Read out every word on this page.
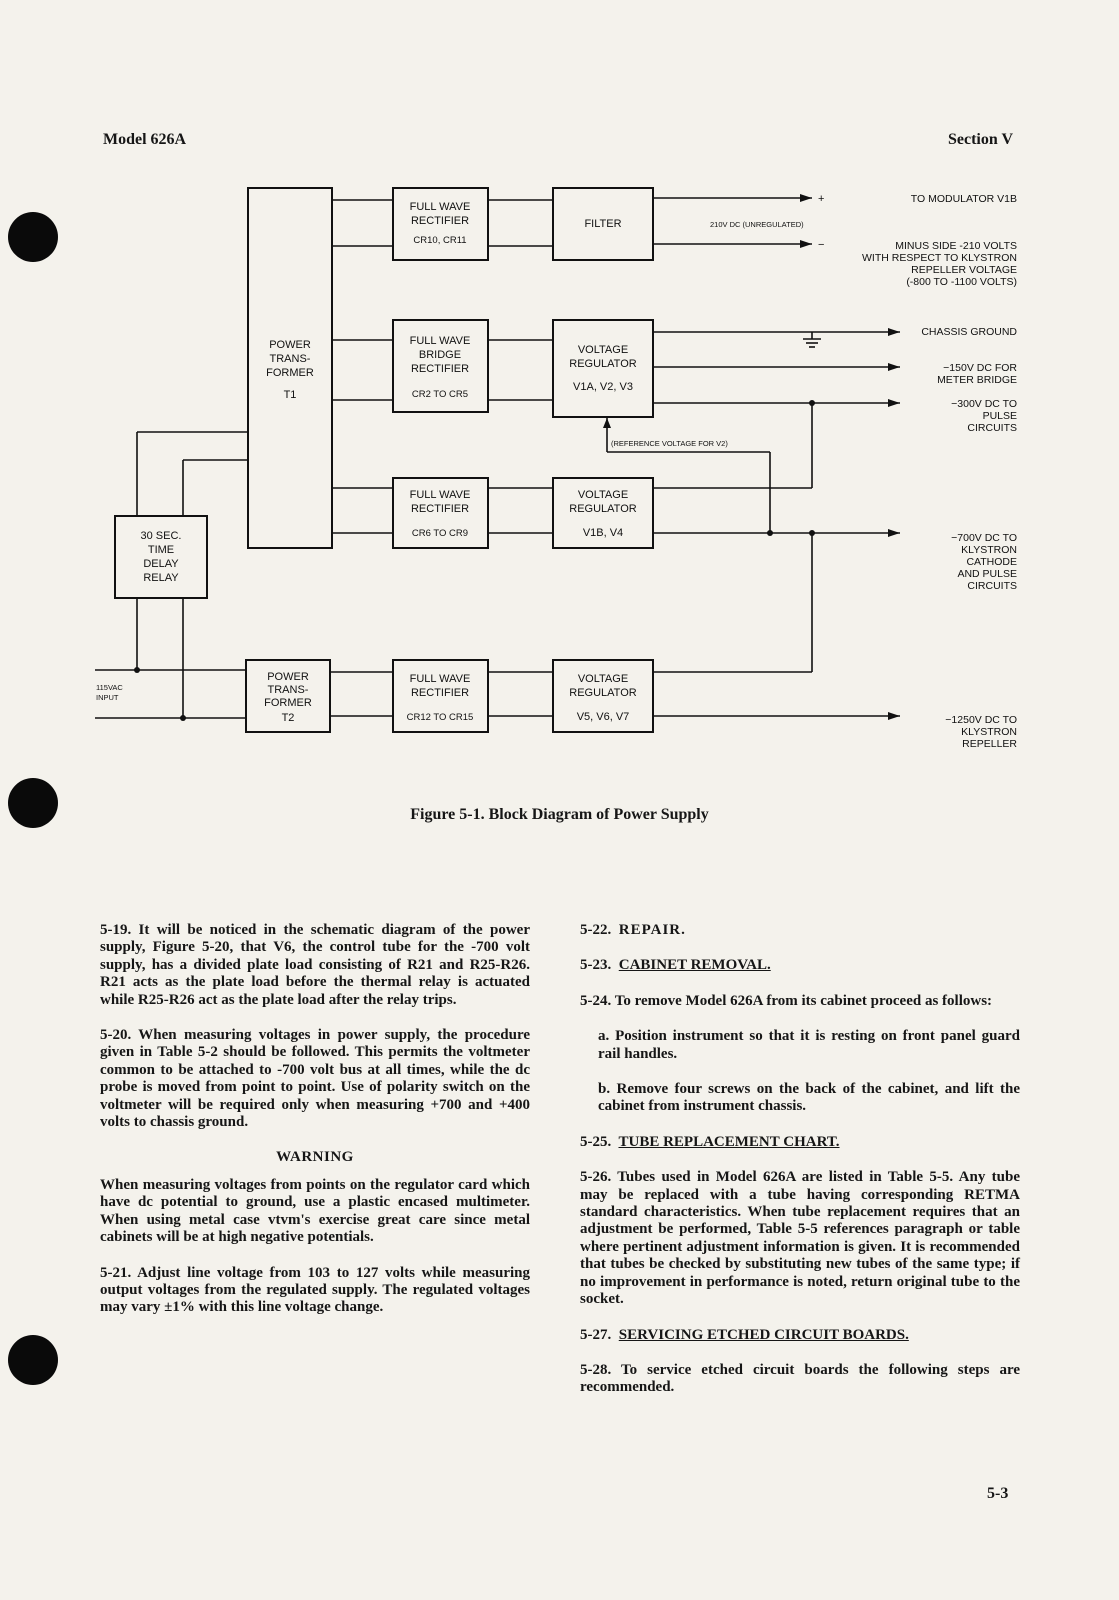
Model 626A	Section V
POWER
TRANS-
FORMER
T1
FULL WAVE
RECTIFIER
CR10, CR11
FILTER
FULL WAVE
BRIDGE
RECTIFIER
CR2 TO CR5
VOLTAGE
REGULATOR
V1A, V2, V3
FULL WAVE
RECTIFIER
CR6 TO CR9
VOLTAGE
REGULATOR
V1B, V4
30 SEC.
TIME
DELAY
RELAY
POWER
TRANS-
FORMER
T2
FULL WAVE
RECTIFIER
CR12 TO CR15
VOLTAGE
REGULATOR
V5, V6, V7
210V DC (UNREGULATED)
(REFERENCE VOLTAGE FOR V2)
+
−
115VAC
INPUT
TO MODULATOR V1B
MINUS SIDE -210 VOLTS
WITH RESPECT TO KLYSTRON
REPELLER VOLTAGE
(-800 TO -1100 VOLTS)
CHASSIS GROUND
−150V DC FOR
METER BRIDGE
−300V DC TO
PULSE
CIRCUITS
−700V DC TO
KLYSTRON
CATHODE
AND PULSE
CIRCUITS
−1250V DC TO
KLYSTRON
REPELLER
Figure 5-1. Block Diagram of Power Supply

5-19. It will be noticed in the schematic diagram of the power supply, Figure 5-20, that V6, the control tube for the -700 volt supply, has a divided plate load consisting of R21 and R25-R26. R21 acts as the plate load before the thermal relay is actuated while R25-R26 act as the plate load after the relay trips.

5-20. When measuring voltages in power supply, the procedure given in Table 5-2 should be followed. This permits the voltmeter common to be attached to -700 volt bus at all times, while the dc probe is moved from point to point. Use of polarity switch on the voltmeter will be required only when measuring +700 and +400 volts to chassis ground.

WARNING

When measuring voltages from points on the regulator card which have dc potential to ground, use a plastic encased multimeter. When using metal case vtvm's exercise great care since metal cabinets will be at high negative potentials.

5-21. Adjust line voltage from 103 to 127 volts while measuring output voltages from the regulated supply. The regulated voltages may vary ±1% with this line voltage change.

5-22. REPAIR.

5-23. CABINET REMOVAL.

5-24. To remove Model 626A from its cabinet proceed as follows:

a. Position instrument so that it is resting on front panel guard rail handles.

b. Remove four screws on the back of the cabinet, and lift the cabinet from instrument chassis.

5-25. TUBE REPLACEMENT CHART.

5-26. Tubes used in Model 626A are listed in Table 5-5. Any tube may be replaced with a tube having corresponding RETMA standard characteristics. When tube replacement requires that an adjustment be performed, Table 5-5 references paragraph or table where pertinent adjustment information is given. It is recommended that tubes be checked by substituting new tubes of the same type; if no improvement in performance is noted, return original tube to the socket.

5-27. SERVICING ETCHED CIRCUIT BOARDS.

5-28. To service etched circuit boards the following steps are recommended.

5-3
